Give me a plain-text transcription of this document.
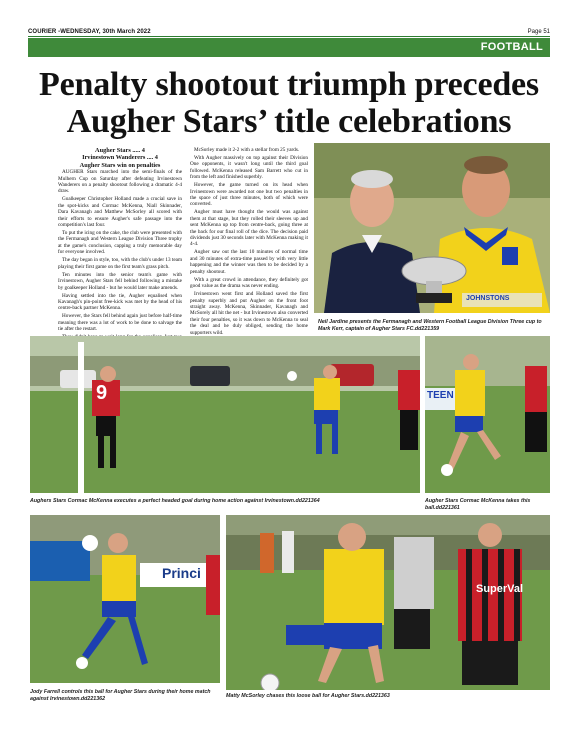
COURIER -WEDNESDAY, 30th March 2022	Page 51
FOOTBALL
Penalty shootout triumph precedes Augher Stars’ title celebrations

Augher Stars ..... 4

Irvinestown Wanderers .... 4

Augher Stars win on penalties

AUGHER Stars marched into the semi-finals of the Mulhern Cup on Saturday after defeating Irvinestown Wanderers on a penalty shootout following a dramatic 4-4 draw.

Goalkeeper Christopher Holland made a crucial save in the spot-kicks and Cormac McKenna, Niall Skinnader, Dara Kavanagh and Matthew McSorley all scored with their efforts to ensure Augher's safe passage into the competition's last four.

To put the icing on the cake, the club were presented with the Fermanagh and Western League Division Three trophy at the game's conclusion, capping a truly memorable day for everyone involved.

The day began in style, too, with the club's under 13 team playing their first game on the first team's grass pitch.

Ten minutes into the senior team's game with Irvinestown, Augher Stars fell behind following a mistake by goalkeeper Holland - but he would later make amends.

Having settled into the tie, Augher equalised when Kavanagh's pin-point free-kick was met by the head of his centre-back partner McKenna.

However, the Stars fell behind again just before half-time meaning there was a lot of work to be done to salvage the tie after the restart.

McSorley made it 2-2 with a stellar from 25 yards.

With Augher massively on top against their Division One opponents, it wasn't long until the third goal followed. McKenna released Sam Barrett who cut in from the left and finished superbly.

However, the game turned on its head when Irvinestown were awarded not one but two penalties in the space of just three minutes, both of which were converted.

Augher must have thought the would was against them at that stage, but they rolled their sleeves up and sent McKenna up top from centre-back, going three at the back for our final roll of the dice. The decision paid dividends just 30 seconds later with McKenna making it 4-4.

Augher saw out the last 10 minutes of normal time and 30 minutes of extra-time passed by with very little happening and the winner was then to be decided by a penalty shootout.

With a great crowd in attendance, they definitely got good value as the drama was never ending.

Irvinestown went first and Holland saved the first penalty superbly and put Augher on the front foot straight away. McKenna, Skinnader, Kavanagh and McSorely all hit the net - but Irvinestown also converted their four penalties, so it was down to McKenna to seal the deal and he duly obliged, sending the home supporters wild.

JOHNSTONS
Neil Jardine presents the Fermanagh and Western Football League Division Three cup to Mark Kerr, captain of Augher Stars FC.dd221359
9
Aughers Stars Cormac McKenna executes a perfect headed goal during home action against Irvinestown.dd221364
TEEN
Augher Stars Cormac McKenna takes this ball.dd221361
Princi
Jody Farrell controls this ball for Augher Stars during their home match against Irvinestown.dd221362
SuperVal
Matty McSorley chases this loose ball for Augher Stars.dd221363
